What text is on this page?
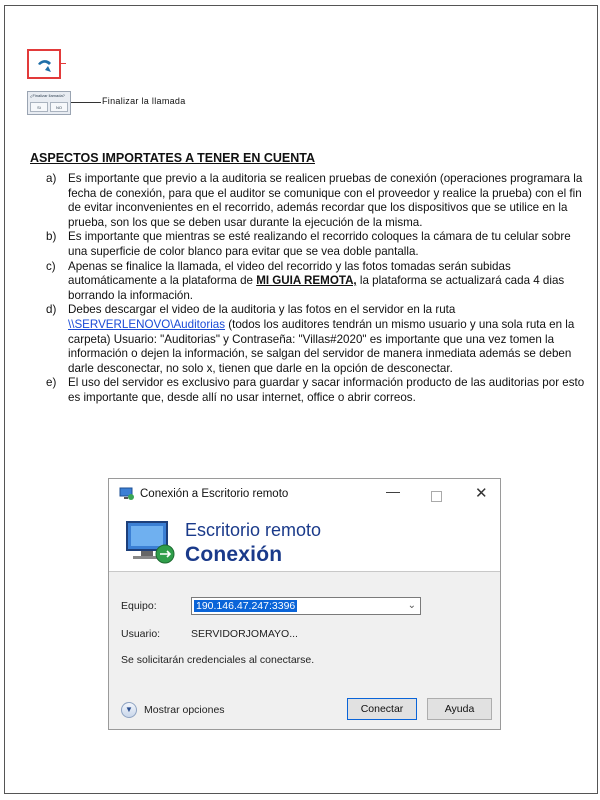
¿Finalizar llamada?
Sí	NO
Finalizar la llamada
ASPECTOS IMPORTATES A TENER EN CUENTA
a) Es importante que previo a la auditoria se realicen pruebas de conexión (operaciones programara la fecha de conexión, para que el auditor se comunique con el proveedor y realice la prueba) con el fin de evitar inconvenientes en el recorrido, además recordar que los dispositivos que se utilice en la prueba, son los que se deben usar durante la ejecución de la misma.
b) Es importante que mientras se esté realizando el recorrido coloques la cámara de tu celular sobre una superficie de color blanco para evitar que se vea doble pantalla.
c) Apenas se finalice la llamada, el video del recorrido y las fotos tomadas serán subidas automáticamente a la plataforma de MI GUIA REMOTA, la plataforma se actualizará cada 4 dias borrando la información.
d) Debes descargar el video de la auditoria y las fotos en el servidor en la ruta \\SERVERLENOVO\Auditorias (todos los auditores tendrán un mismo usuario y una sola ruta en la carpeta) Usuario: "Auditorias" y Contraseña: "Villas#2020" es importante que una vez tomen la información o dejen la información, se salgan del servidor de manera inmediata además se deben darle desconectar, no solo x, tienen que darle en la opción de desconectar.
e) El uso del servidor es exclusivo para guardar y sacar información producto de las auditorias por esto es importante que, desde allí no usar internet, office o abrir correos.
Conexión a Escritorio remoto	—	✕
Escritorio remoto
Conexión
Equipo:	190.146.47.247:3396	⌄
Usuario:	SERVIDORJOMAYO...
Se solicitarán credenciales al conectarse.
▼	Mostrar opciones	Conectar	Ayuda
